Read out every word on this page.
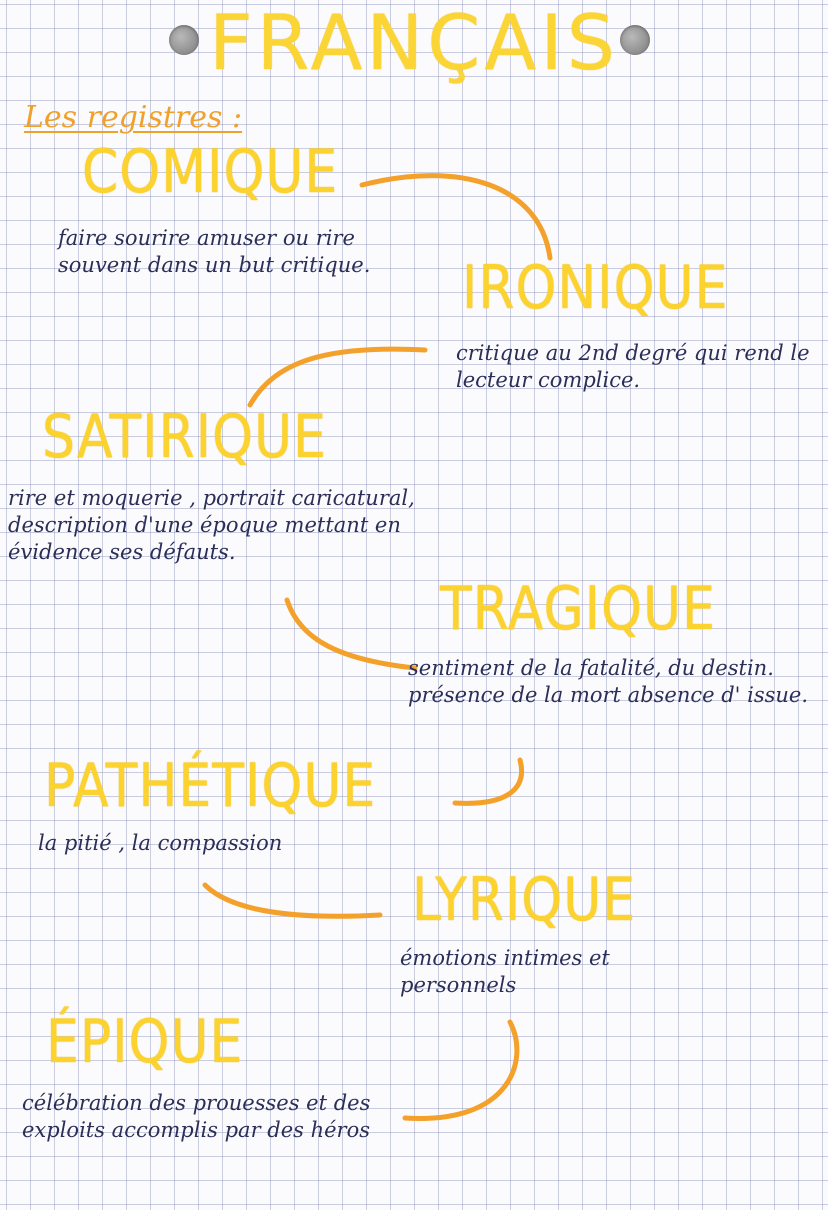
FRANÇAIS
Les registres :
COMIQUE

faire sourire amuser ou rire souvent dans un but critique.	IRONIQUE

critique au 2nd degré qui rend le lecteur complice.

SATIRIQUE

rire et moquerie , portrait caricatural, description d'une époque mettant en évidence ses défauts.

TRAGIQUE

sentiment de la fatalité, du destin. présence de la mort absence d' issue.

PATHÉTIQUE

la pitié , la compassion

LYRIQUE

émotions intimes et personnels

ÉPIQUE

célébration des prouesses et des exploits accomplis par des héros
